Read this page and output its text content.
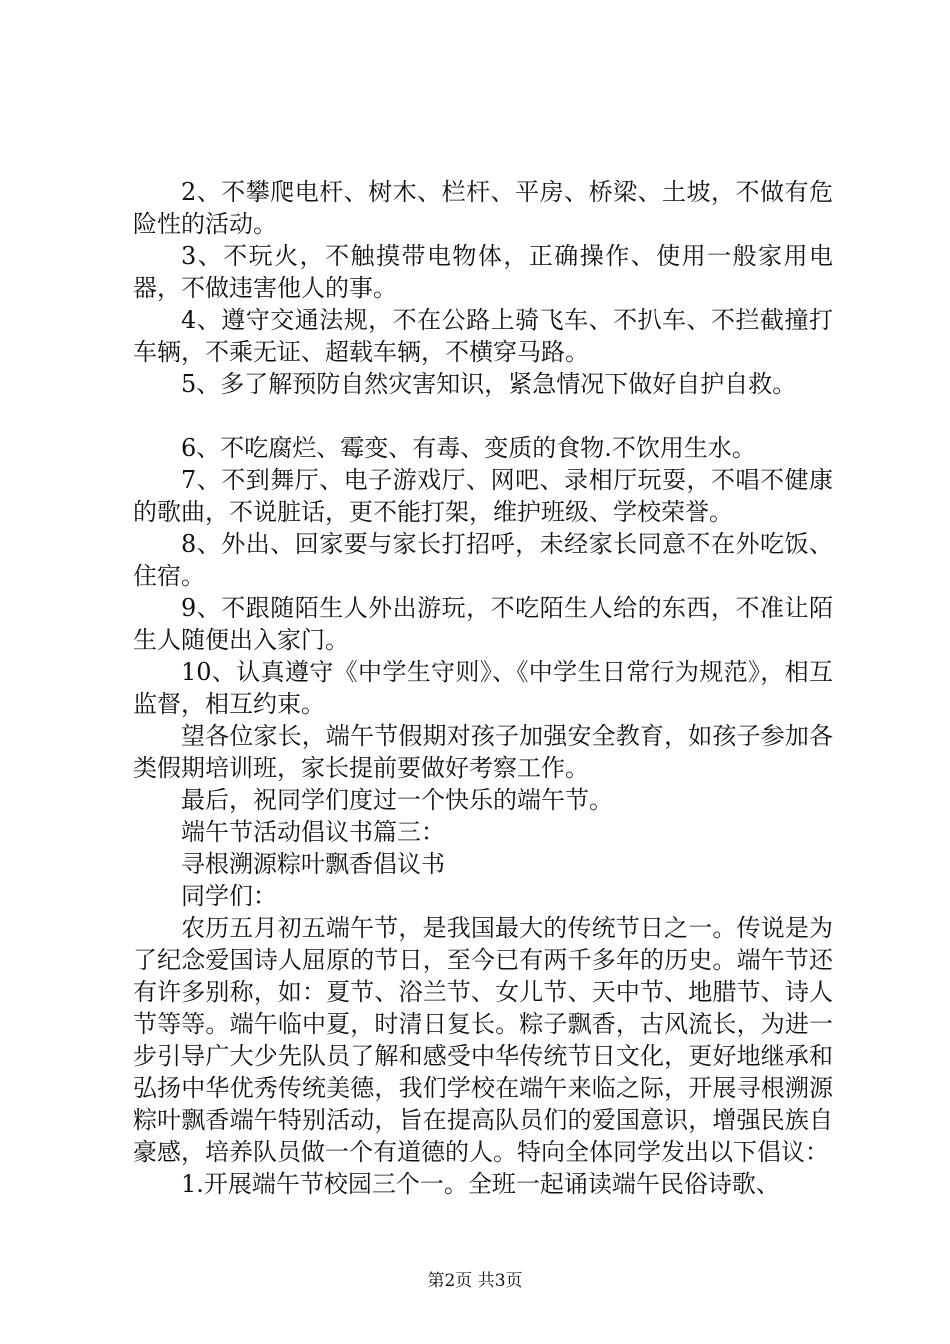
2、不攀爬电杆、树木、栏杆、平房、桥梁、土坡，不做有危险性的活动。

3、不玩火，不触摸带电物体，正确操作、使用一般家用电器，不做违害他人的事。

4、遵守交通法规，不在公路上骑飞车、不扒车、不拦截撞打车辆，不乘无证、超载车辆，不横穿马路。

5、多了解预防自然灾害知识，紧急情况下做好自护自救。

6、不吃腐烂、霉变、有毒、变质的食物.不饮用生水。

7、不到舞厅、电子游戏厅、网吧、录相厅玩耍，不唱不健康的歌曲，不说脏话，更不能打架，维护班级、学校荣誉。

8、外出、回家要与家长打招呼，未经家长同意不在外吃饭、住宿。

9、不跟随陌生人外出游玩，不吃陌生人给的东西，不准让陌生人随便出入家门。

10、认真遵守《中学生守则》、《中学生日常行为规范》，相互监督，相互约束。

望各位家长，端午节假期对孩子加强安全教育，如孩子参加各类假期培训班，家长提前要做好考察工作。

最后，祝同学们度过一个快乐的端午节。

端午节活动倡议书篇三：

寻根溯源粽叶飘香倡议书

同学们：

农历五月初五端午节，是我国最大的传统节日之一。传说是为了纪念爱国诗人屈原的节日，至今已有两千多年的历史。端午节还有许多别称，如：夏节、浴兰节、女儿节、天中节、地腊节、诗人节等等。端午临中夏，时清日复长。粽子飘香，古风流长，为进一步引导广大少先队员了解和感受中华传统节日文化，更好地继承和弘扬中华优秀传统美德，我们学校在端午来临之际，开展寻根溯源粽叶飘香端午特别活动，旨在提高队员们的爱国意识，增强民族自豪感，培养队员做一个有道德的人。特向全体同学发出以下倡议：

1.开展端午节校园三个一。全班一起诵读端午民俗诗歌、

第2页 共3页
